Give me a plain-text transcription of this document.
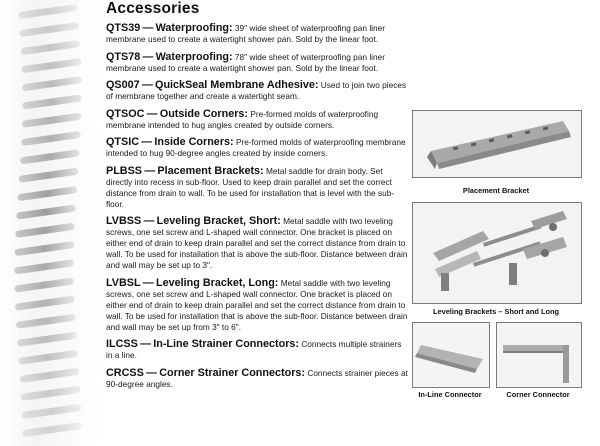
Accessories
QTS39 — Waterproofing: 39" wide sheet of waterproofing pan liner membrane used to create a watertight shower pan. Sold by the linear foot.
QTS78 — Waterproofing: 78" wide sheet of waterproofing pan liner membrane used to create a watertight shower pan. Sold by the linear foot.
QS007 — QuickSeal Membrane Adhesive: Used to join two pieces of membrane together and create a watertight seam.
QTSOC — Outside Corners: Pre-formed molds of waterproofing membrane intended to hug angles created by outside corners.
QTSIC — Inside Corners: Pre-formed molds of waterproofing membrane intended to hug 90-degree angles created by inside corners.
PLBSS — Placement Brackets: Metal saddle for drain body. Set directly into recess in sub-floor. Used to keep drain parallel and set the correct distance from drain to wall. To be used for installation that is level with the sub-floor.
LVBSS — Leveling Bracket, Short: Metal saddle with two leveling screws, one set screw and L-shaped wall connector. One bracket is placed on either end of drain to keep drain parallel and set the correct distance from drain to wall. To be used for installation that is above the sub-floor. Distance between drain and wall may be set up to 3".
LVBSL — Leveling Bracket, Long: Metal saddle with two leveling screws, one set screw and L-shaped wall connector. One bracket is placed on either end of drain to keep drain parallel and set the correct distance from drain to wall. To be used for installation that is above the sub-floor. Distance between drain and wall may be set up from 3" to 6".
ILCSS — In-Line Strainer Connectors: Connects multiple strainers in a line.
CRCSS — Corner Strainer Connectors: Connects strainer pieces at 90-degree angles.
Placement Bracket
Leveling Brackets – Short and Long
In-Line Connector	Corner Connector
